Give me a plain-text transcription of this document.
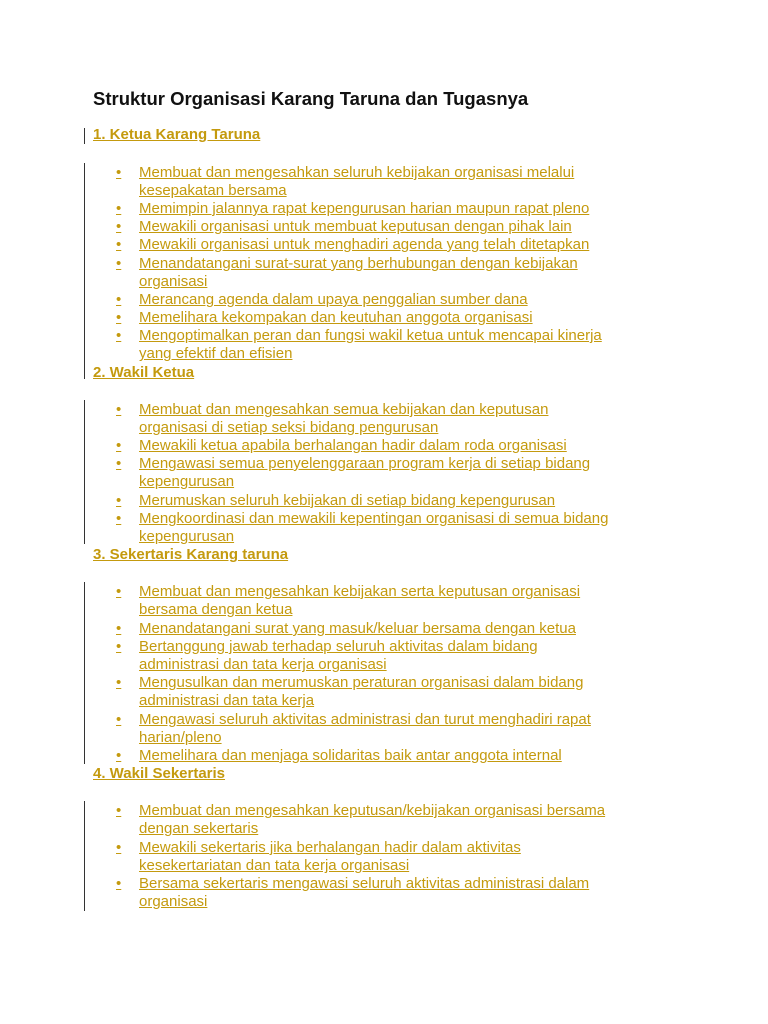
Struktur Organisasi Karang Taruna dan Tugasnya
1. Ketua Karang Taruna
•	Membuat dan mengesahkan seluruh kebijakan organisasi melalui
kesepakatan bersama
•	Memimpin jalannya rapat kepengurusan harian maupun rapat pleno
•	Mewakili organisasi untuk membuat keputusan dengan pihak lain
•	Mewakili organisasi untuk menghadiri agenda yang telah ditetapkan
•	Menandatangani surat-surat yang berhubungan dengan kebijakan
organisasi
•	Merancang agenda dalam upaya penggalian sumber dana
•	Memelihara kekompakan dan keutuhan anggota organisasi
•	Mengoptimalkan peran dan fungsi wakil ketua untuk mencapai kinerja
yang efektif dan efisien
2. Wakil Ketua
•	Membuat dan mengesahkan semua kebijakan dan keputusan
organisasi di setiap seksi bidang pengurusan
•	Mewakili ketua apabila berhalangan hadir dalam roda organisasi
•	Mengawasi semua penyelenggaraan program kerja di setiap bidang
kepengurusan
•	Merumuskan seluruh kebijakan di setiap bidang kepengurusan
•	Mengkoordinasi dan mewakili kepentingan organisasi di semua bidang
kepengurusan
3. Sekertaris Karang taruna
•	Membuat dan mengesahkan kebijakan serta keputusan organisasi
bersama dengan ketua
•	Menandatangani surat yang masuk/keluar bersama dengan ketua
•	Bertanggung jawab terhadap seluruh aktivitas dalam bidang
administrasi dan tata kerja organisasi
•	Mengusulkan dan merumuskan peraturan organisasi dalam bidang
administrasi dan tata kerja
•	Mengawasi seluruh aktivitas administrasi dan turut menghadiri rapat
harian/pleno
•	Memelihara dan menjaga solidaritas baik antar anggota internal
4. Wakil Sekertaris
•	Membuat dan mengesahkan keputusan/kebijakan organisasi bersama
dengan sekertaris
•	Mewakili sekertaris jika berhalangan hadir dalam aktivitas
kesekertariatan dan tata kerja organisasi
•	Bersama sekertaris mengawasi seluruh aktivitas administrasi dalam
organisasi
